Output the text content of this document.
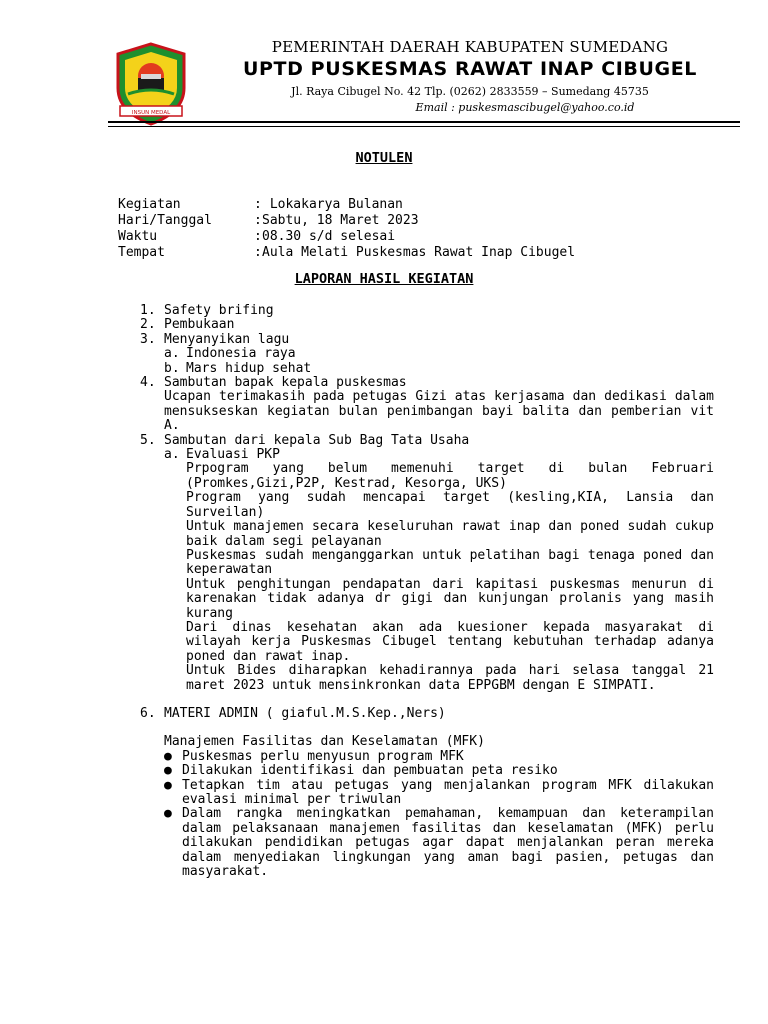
INSUN MEDAL
PEMERINTAH DAERAH KABUPATEN SUMEDANG
UPTD PUSKESMAS RAWAT INAP CIBUGEL
Jl. Raya Cibugel No. 42 Tlp. (0262) 2833559 – Sumedang 45735
Email : puskesmascibugel@yahoo.co.id
NOTULEN
Kegiatan	: Lokakarya Bulanan
Hari/Tanggal	: Sabtu, 18 Maret 2023
Waktu	: 08.30 s/d selesai
Tempat	: Aula Melati Puskesmas Rawat Inap Cibugel
LAPORAN HASIL KEGIATAN
1. Safety brifing
2. Pembukaan
3. Menyanyikan lagu
a. Indonesia raya
b. Mars hidup sehat
4. Sambutan bapak kepala puskesmas
Ucapan terimakasih pada petugas Gizi atas kerjasama dan dedikasi dalam mensukseskan kegiatan bulan penimbangan bayi balita dan pemberian vit A.
5. Sambutan dari kepala Sub Bag Tata Usaha
a. Evaluasi PKP
Prpogram yang belum memenuhi target di bulan Februari (Promkes,Gizi,P2P, Kestrad, Kesorga, UKS)
Program yang sudah mencapai target (kesling,KIA, Lansia dan Surveilan)
Untuk manajemen secara keseluruhan rawat inap dan poned sudah cukup baik dalam segi pelayanan
Puskesmas sudah menganggarkan untuk pelatihan bagi tenaga poned dan keperawatan
Untuk penghitungan pendapatan dari kapitasi puskesmas menurun di karenakan tidak adanya dr gigi dan kunjungan prolanis yang masih kurang
Dari dinas kesehatan akan ada kuesioner kepada masyarakat di wilayah kerja Puskesmas Cibugel tentang kebutuhan terhadap adanya poned dan rawat inap.
Untuk Bides diharapkan kehadirannya pada hari selasa tanggal 21 maret 2023 untuk mensinkronkan data EPPGBM dengan E SIMPATI.
6. MATERI ADMIN ( giaful.M.S.Kep.,Ners)
Manajemen Fasilitas dan Keselamatan (MFK)
● Puskesmas perlu menyusun program MFK
● Dilakukan identifikasi dan pembuatan peta resiko
● Tetapkan tim atau petugas yang menjalankan program MFK dilakukan evalasi minimal per triwulan
● Dalam rangka meningkatkan pemahaman, kemampuan dan keterampilan dalam pelaksanaan manajemen fasilitas dan keselamatan (MFK) perlu dilakukan pendidikan petugas agar dapat menjalankan peran mereka dalam menyediakan lingkungan yang aman bagi pasien, petugas dan masyarakat.
